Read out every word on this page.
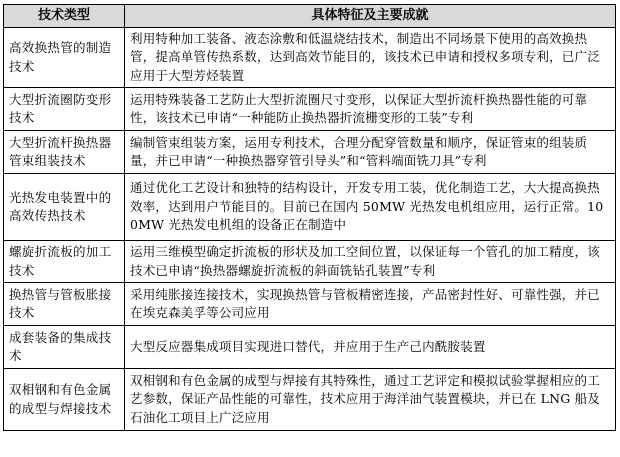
技术类型	具体特征及主要成就
高效换热管的制造技术	利用特种加工装备、液态涂敷和低温烧结技术，制造出不同场景下使用的高效换热管，提高单管传热系数，达到高效节能目的，该技术已申请和授权多项专利，已广泛应用于大型芳烃装置
大型折流圈防变形技术	运用特殊装备工艺防止大型折流圈尺寸变形，以保证大型折流杆换热器性能的可靠性，该技术已申请“一种能防止换热器折流栅变形的工装”专利
大型折流杆换热器管束组装技术	编制管束组装方案，运用专利技术，合理分配穿管数量和顺序，保证管束的组装质量，并已申请“一种换热器穿管引导头”和“管料端面铣刀具”专利
光热发电装置中的高效传热技术	通过优化工艺设计和独特的结构设计，开发专用工装，优化制造工艺，大大提高换热效率，达到用户节能目的。目前已在国内 50MW 光热发电机组应用，运行正常。100MW 光热发电机组的设备正在制造中
螺旋折流板的加工技术	运用三维模型确定折流板的形状及加工空间位置，以保证每一个管孔的加工精度，该技术已申请“换热器螺旋折流板的斜面铣钻孔装置”专利
换热管与管板胀接技术	采用纯胀接连接技术，实现换热管与管板精密连接，产品密封性好、可靠性强，并已在埃克森美孚等公司应用
成套装备的集成技术	大型反应器集成项目实现进口替代，并应用于生产己内酰胺装置
双相钢和有色金属的成型与焊接技术	双相钢和有色金属的成型与焊接有其特殊性，通过工艺评定和模拟试验掌握相应的工艺参数，保证产品性能的可靠性，技术应用于海洋油气装置模块，并已在 LNG 船及石油化工项目上广泛应用
